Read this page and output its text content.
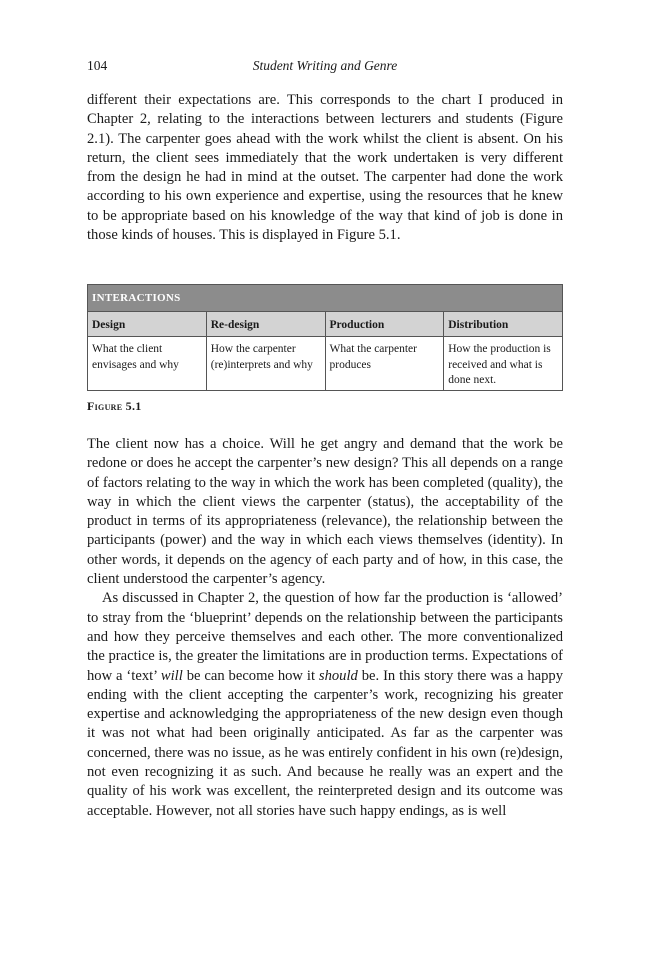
104	Student Writing and Genre

different their expectations are. This corresponds to the chart I produced in Chapter 2, relating to the interactions between lecturers and students (Figure 2.1). The carpenter goes ahead with the work whilst the client is absent. On his return, the client sees immediately that the work undertaken is very different from the design he had in mind at the outset. The carpenter had done the work according to his own experience and expertise, using the resources that he knew to be appropriate based on his knowledge of the way that kind of job is done in those kinds of houses. This is displayed in Figure 5.1.

INTERACTIONS			
Design	Re-design	Production	Distribution
What the client envisages and why	How the carpenter (re)interprets and why	What the carpenter produces	How the production is received and what is done next.
Figure 5.1

The client now has a choice. Will he get angry and demand that the work be redone or does he accept the carpenter’s new design? This all depends on a range of factors relating to the way in which the work has been completed (quality), the way in which the client views the carpenter (status), the acceptability of the product in terms of its appropriateness (relevance), the relationship between the participants (power) and the way in which each views themselves (identity). In other words, it depends on the agency of each party and of how, in this case, the client understood the carpenter’s agency.

As discussed in Chapter 2, the question of how far the production is ‘allowed’ to stray from the ‘blueprint’ depends on the relationship between the participants and how they perceive themselves and each other. The more conventionalized the practice is, the greater the limitations are in production terms. Expectations of how a ‘text’ will be can become how it should be. In this story there was a happy ending with the client accepting the carpenter’s work, recognizing his greater expertise and acknowledging the appropriateness of the new design even though it was not what had been originally anticipated. As far as the carpenter was concerned, there was no issue, as he was entirely confident in his own (re)design, not even recognizing it as such. And because he really was an expert and the quality of his work was excellent, the reinterpreted design and its outcome was acceptable. However, not all stories have such happy endings, as is well
